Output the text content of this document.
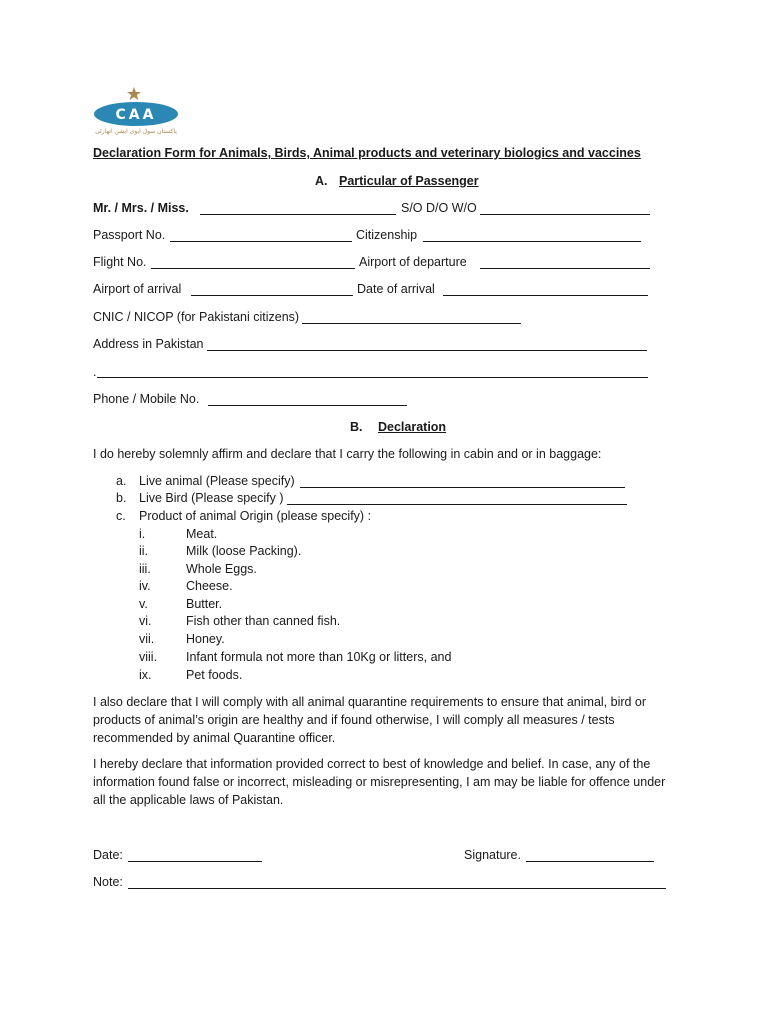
CAA
پاکستان سول ایوی ایشن اتھارٹی
Declaration Form for Animals, Birds, Animal products and veterinary biologics and vaccines
A. Particular of Passenger
Mr. / Mrs. / Miss.	S/O D/O W/O
Passport No.	Citizenship
Flight No.	Airport of departure
Airport of arrival	Date of arrival
CNIC / NICOP (for Pakistani citizens)
Address in Pakistan
.
Phone / Mobile No.
B. Declaration
I do hereby solemnly affirm and declare that I carry the following in cabin and or in baggage:
a. Live animal (Please specify)
b. Live Bird (Please specify )
c. Product of animal Origin (please specify) :
i.	Meat.
ii.	Milk (loose Packing).
iii.	Whole Eggs.
iv.	Cheese.
v.	Butter.
vi.	Fish other than canned fish.
vii.	Honey.
viii. Infant formula not more than 10Kg or litters, and
ix.	Pet foods.
I also declare that I will comply with all animal quarantine requirements to ensure that animal, bird or products of animal’s origin are healthy and if found otherwise, I will comply all measures / tests recommended by animal Quarantine officer.
I hereby declare that information provided correct to best of knowledge and belief. In case, any of the information found false or incorrect, misleading or misrepresenting, I am may be liable for offence under all the applicable laws of Pakistan.
Date:	Signature.
Note:
